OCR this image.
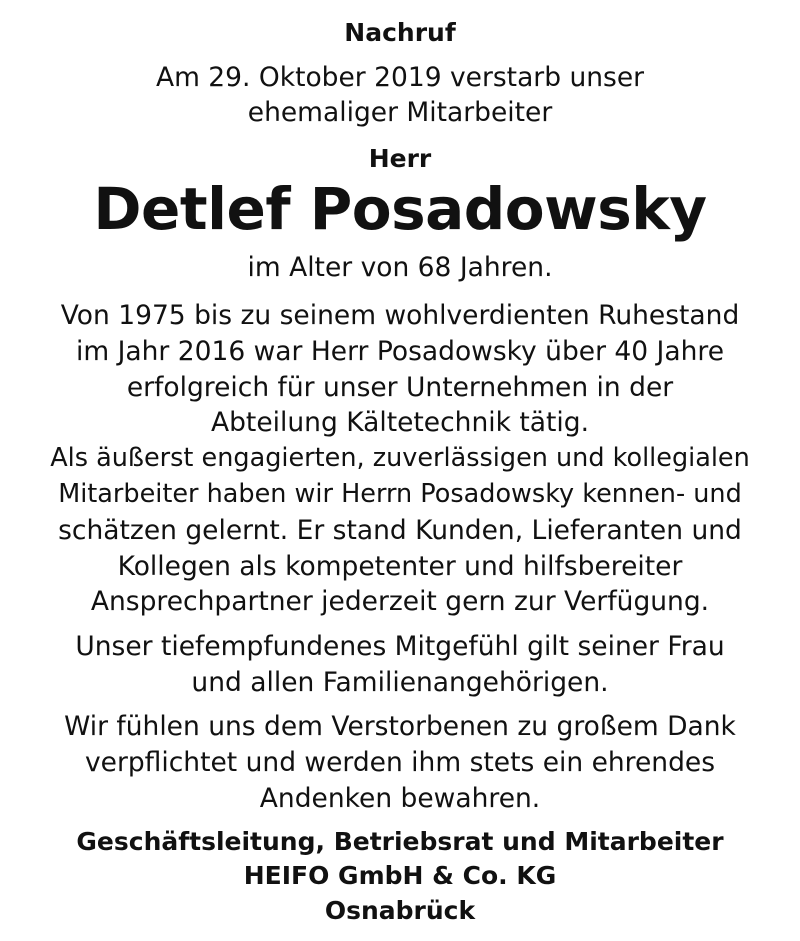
Nachruf
Am 29. Oktober 2019 verstarb unser
ehemaliger Mitarbeiter
Herr
Detlef Posadowsky
im Alter von 68 Jahren.
Von 1975 bis zu seinem wohlverdienten Ruhestand
im Jahr 2016 war Herr Posadowsky über 40 Jahre
erfolgreich für unser Unternehmen in der
Abteilung Kältetechnik tätig.
Als äußerst engagierten, zuverlässigen und kollegialen
Mitarbeiter haben wir Herrn Posadowsky kennen- und
schätzen gelernt. Er stand Kunden, Lieferanten und
Kollegen als kompetenter und hilfsbereiter
Ansprechpartner jederzeit gern zur Verfügung.
Unser tiefempfundenes Mitgefühl gilt seiner Frau
und allen Familienangehörigen.
Wir fühlen uns dem Verstorbenen zu großem Dank
verpflichtet und werden ihm stets ein ehrendes
Andenken bewahren.
Geschäftsleitung, Betriebsrat und Mitarbeiter
HEIFO GmbH & Co. KG
Osnabrück
